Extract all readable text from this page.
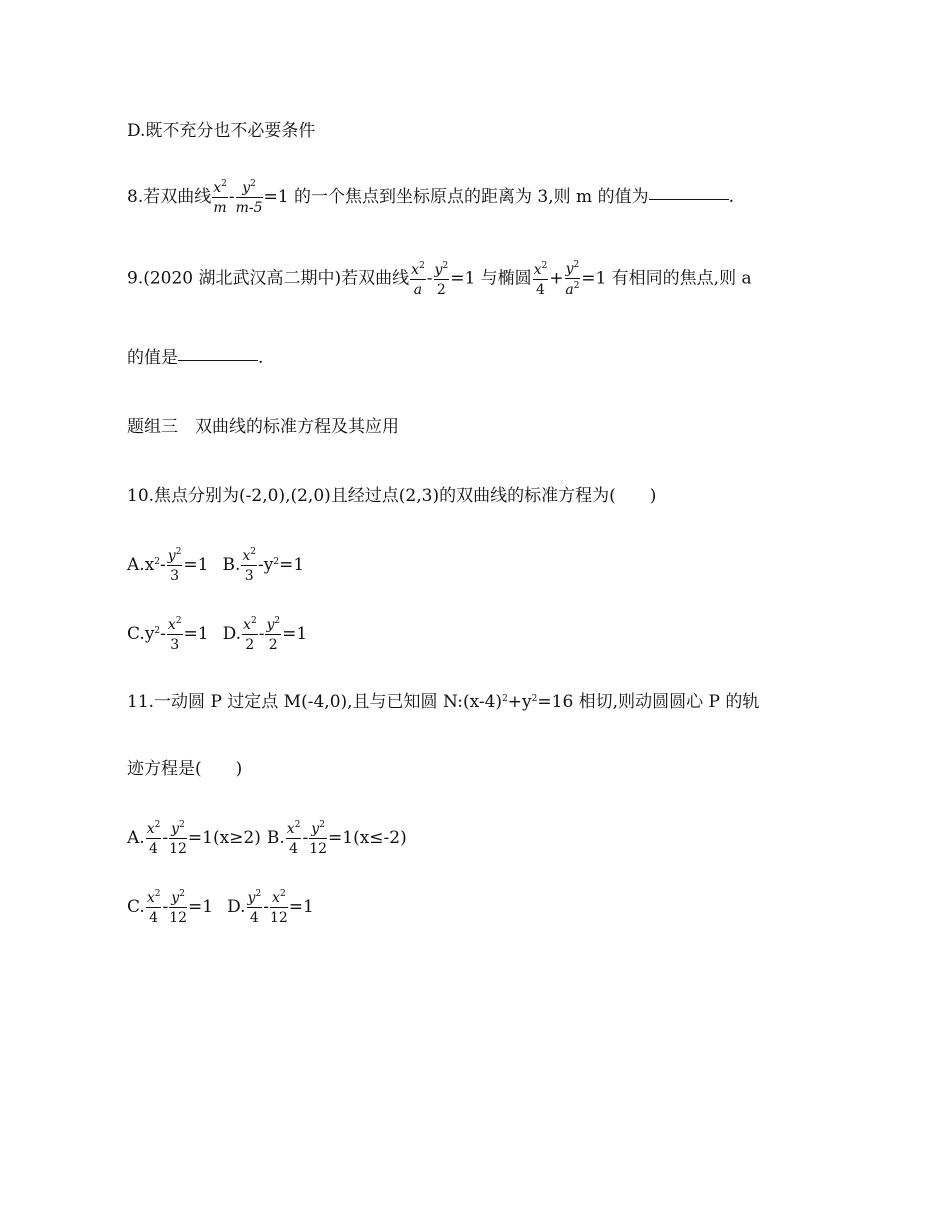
D.既不充分也不必要条件
8.若双曲线 $\frac{x^2}{m} - \frac{y^2}{m-5} =1$ 的一个焦点到坐标原点的距离为 3,则 m 的值为	.
9.(2020 湖北武汉高二期中)若双曲线 $\frac{x^2}{a} - \frac{y^2}{2} =1$ 与椭圆 $\frac{x^2}{4} + \frac{y^2}{a^2} =1$ 有相同的焦点,则 a
的值是	.
题组三　双曲线的标准方程及其应用
10.焦点分别为(-2,0),(2,0)且经过点(2,3)的双曲线的标准方程为(　　)
$A.x^2- \frac{y^2}{3} =1$ B. $\frac{x^2}{3} -y^2=1$
$C.y^2- \frac{x^2}{3} =1$ D. $\frac{x^2}{2} - \frac{y^2}{2} =1$
11.一动圆 P 过定点 M(-4,0),且与已知圆 $N:(x-4)^2+y^2=16$ 相切,则动圆圆心 P 的轨
迹方程是(　　)
A. $\frac{x^2}{4} - \frac{y^2}{12} =1(x\ge 2)$ B. $\frac{x^2}{4} - \frac{y^2}{12} =1(x\le-2)$
C. $\frac{x^2}{4} - \frac{y^2}{12} =1$ D. $\frac{y^2}{4} - \frac{x^2}{12} =1$
